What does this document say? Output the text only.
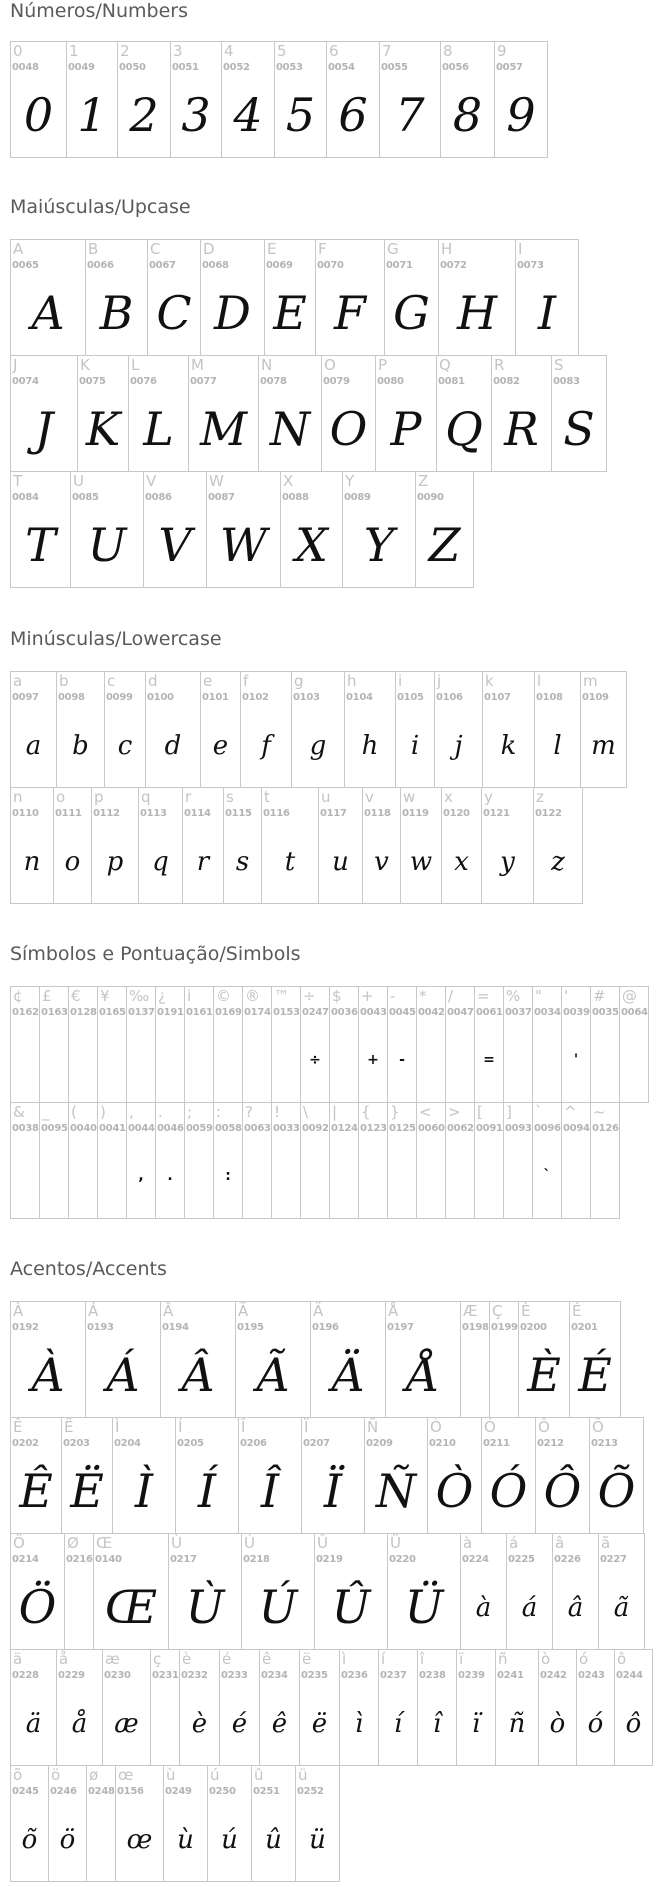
Números/Numbers
0
0048
0
1
0049
1
2
0050
2
3
0051
3
4
0052
4
5
0053
5
6
0054
6
7
0055
7
8
0056
8
9
0057
9
Maiúsculas/Upcase
A
0065
A
B
0066
B
C
0067
C
D
0068
D
E
0069
E
F
0070
F
G
0071
G
H
0072
H
I
0073
I
J
0074
J
K
0075
K
L
0076
L
M
0077
M
N
0078
N
O
0079
O
P
0080
P
Q
0081
Q
R
0082
R
S
0083
S
T
0084
T
U
0085
U
V
0086
V
W
0087
W
X
0088
X
Y
0089
Y
Z
0090
Z
Minúsculas/Lowercase
a
0097
a
b
0098
b
c
0099
c
d
0100
d
e
0101
e
f
0102
f
g
0103
g
h
0104
h
i
0105
i
j
0106
j
k
0107
k
l
0108
l
m
0109
m
n
0110
n
o
0111
o
p
0112
p
q
0113
q
r
0114
r
s
0115
s
t
0116
t
u
0117
u
v
0118
v
w
0119
w
x
0120
x
y
0121
y
z
0122
z
Símbolos e Pontuação/Simbols
¢
0162
£
0163
€
0128
¥
0165
‰
0137
¿
0191
i
0161
©
0169
®
0174
™
0153
÷
0247
÷
$
0036
+
0043
+
-
0045
-
*
0042
/
0047
=
0061
=
%
0037
"
0034
'
0039
'
#
0035
@
0064
&
0038
_
0095
(
0040
)
0041
,
0044
,
.
0046
.
;
0059
:
0058
:
?
0063
!
0033
\
0092
|
0124
{
0123
}
0125
<
0060
>
0062
[
0091
]
0093
`
0096
`
^
0094
~
0126
Acentos/Accents
À
0192
À
Á
0193
Á
Â
0194
Â
Ã
0195
Ã
Ä
0196
Ä
Å
0197
Å
Æ
0198
Ç
0199
È
0200
È
É
0201
É
Ê
0202
Ê
Ë
0203
Ë
Ì
0204
Ì
Í
0205
Í
Î
0206
Î
Ï
0207
Ï
Ñ
0209
Ñ
Ò
0210
Ò
Ó
0211
Ó
Ô
0212
Ô
Õ
0213
Õ
Ö
0214
Ö
Ø
0216
Œ
0140
Œ
Ù
0217
Ù
Ú
0218
Ú
Û
0219
Û
Ü
0220
Ü
à
0224
à
á
0225
á
â
0226
â
ã
0227
ã
ä
0228
ä
å
0229
å
æ
0230
æ
ç
0231
è
0232
è
é
0233
é
ê
0234
ê
ë
0235
ë
ì
0236
ì
í
0237
í
î
0238
î
ï
0239
ï
ñ
0241
ñ
ò
0242
ò
ó
0243
ó
ô
0244
ô
õ
0245
õ
ö
0246
ö
ø
0248
œ
0156
œ
ù
0249
ù
ú
0250
ú
û
0251
û
ü
0252
ü
